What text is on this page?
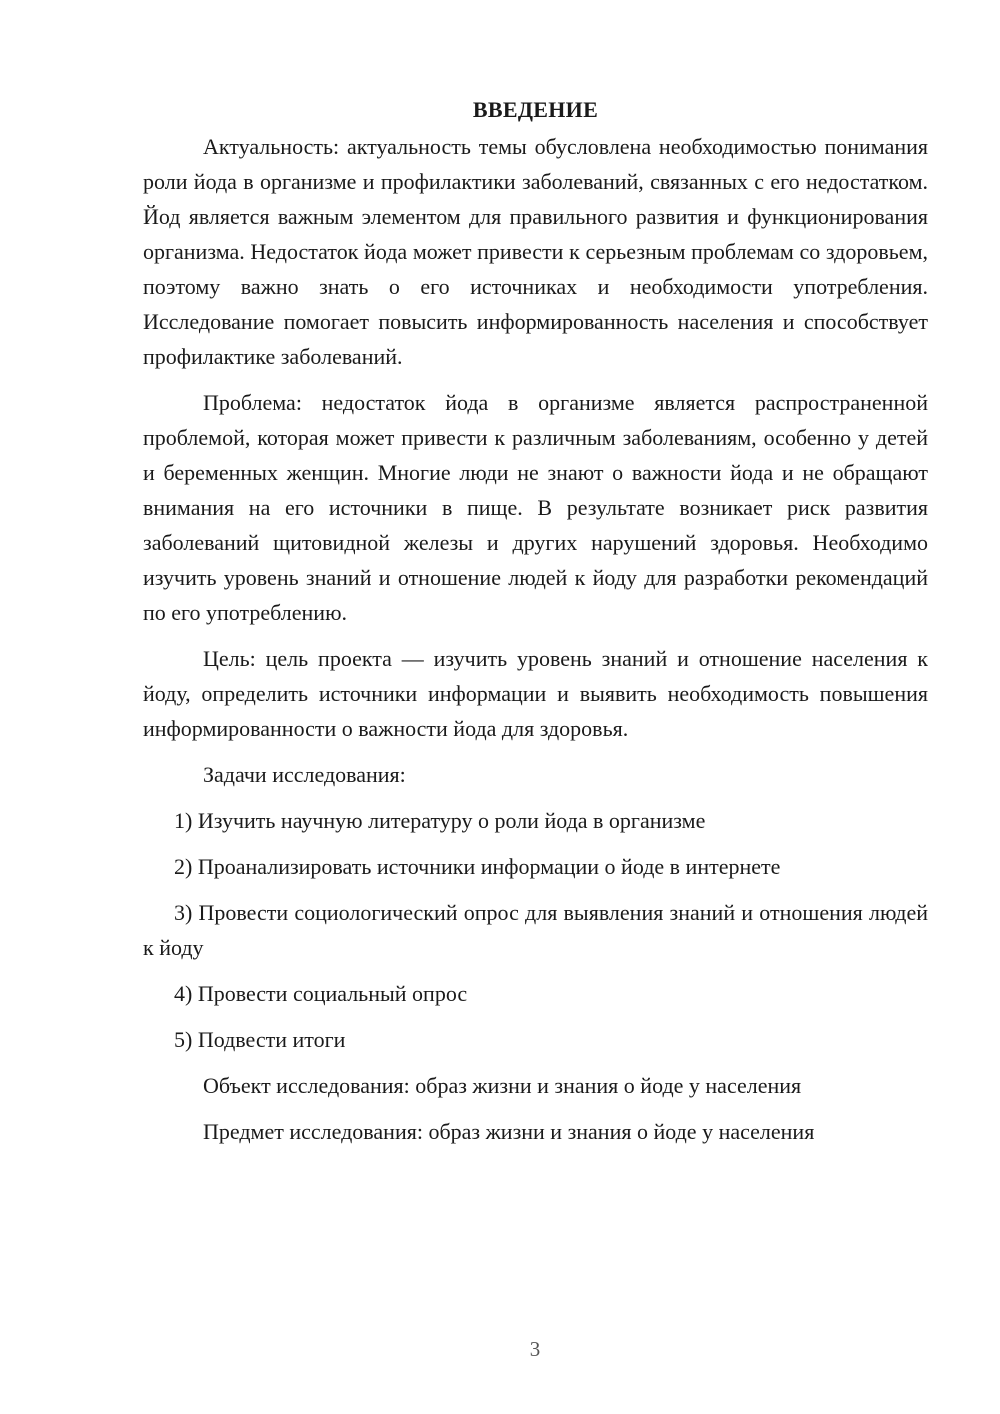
ВВЕДЕНИЕ

Актуальность: актуальность темы обусловлена необходимостью понимания роли йода в организме и профилактики заболеваний, связанных с его недостатком. Йод является важным элементом для правильного развития и функционирования организма. Недостаток йода может привести к серьезным проблемам со здоровьем, поэтому важно знать о его источниках и необходимости употребления. Исследование помогает повысить информированность населения и способствует профилактике заболеваний.

Проблема: недостаток йода в организме является распространенной проблемой, которая может привести к различным заболеваниям, особенно у детей и беременных женщин. Многие люди не знают о важности йода и не обращают внимания на его источники в пище. В результате возникает риск развития заболеваний щитовидной железы и других нарушений здоровья. Необходимо изучить уровень знаний и отношение людей к йоду для разработки рекомендаций по его употреблению.

Цель: цель проекта — изучить уровень знаний и отношение населения к йоду, определить источники информации и выявить необходимость повышения информированности о важности йода для здоровья.

Задачи исследования:

1) Изучить научную литературу о роли йода в организме

2) Проанализировать источники информации о йоде в интернете

3) Провести социологический опрос для выявления знаний и отношения людей к йоду

4) Провести социальный опрос

5) Подвести итоги

Объект исследования: образ жизни и знания о йоде у населения

Предмет исследования: образ жизни и знания о йоде у населения

3
